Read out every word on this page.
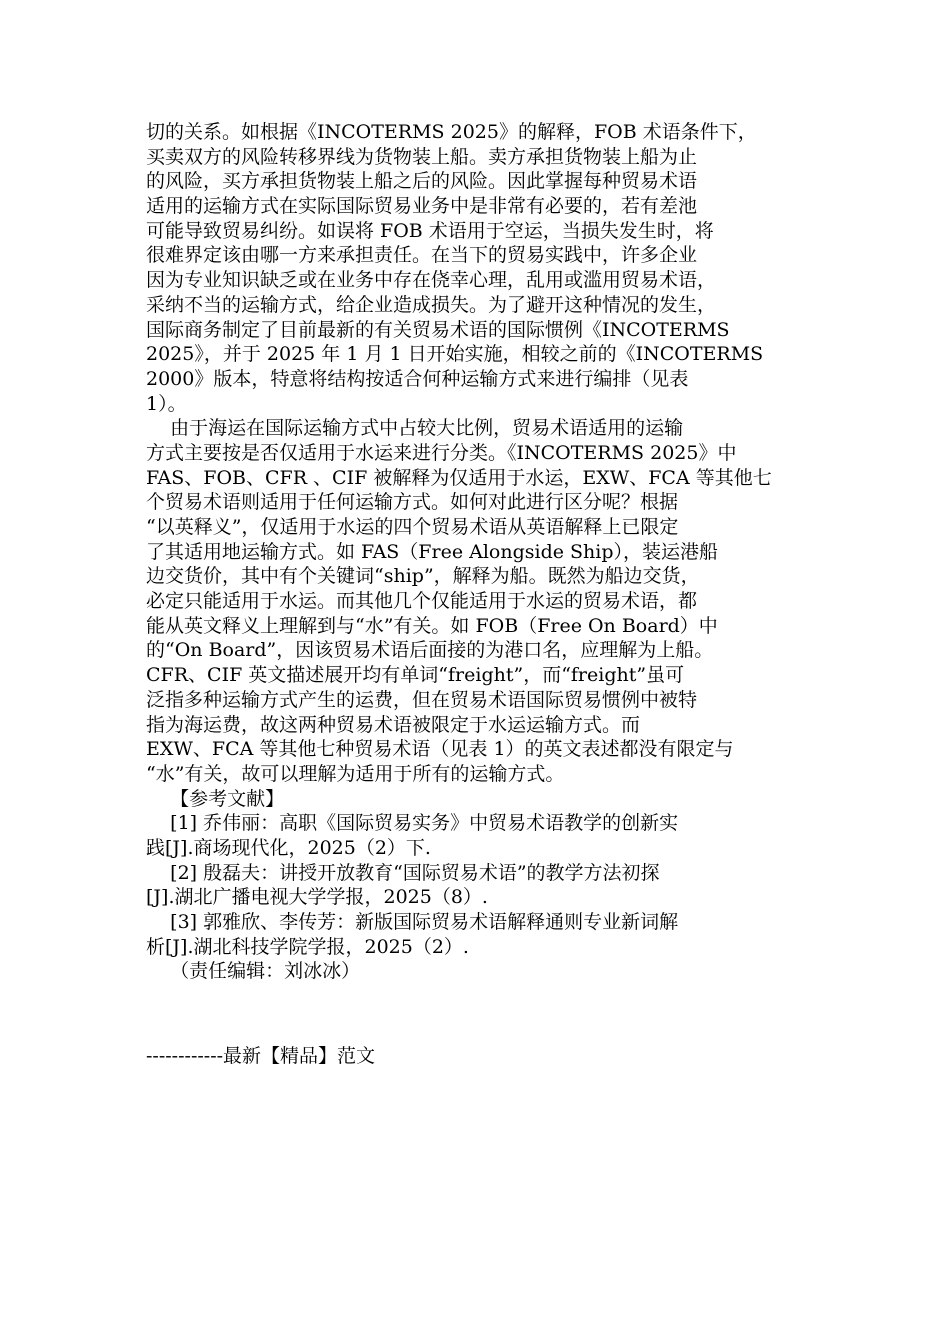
切的关系。如根据《INCOTERMS 2025》的解释，FOB 术语条件下，
买卖双方的风险转移界线为货物装上船。卖方承担货物装上船为止
的风险，买方承担货物装上船之后的风险。因此掌握每种贸易术语
适用的运输方式在实际国际贸易业务中是非常有必要的，若有差池
可能导致贸易纠纷。如误将 FOB 术语用于空运，当损失发生时，将
很难界定该由哪一方来承担责任。在当下的贸易实践中，许多企业
因为专业知识缺乏或在业务中存在侥幸心理，乱用或滥用贸易术语，
采纳不当的运输方式，给企业造成损失。为了避开这种情况的发生，
国际商务制定了目前最新的有关贸易术语的国际惯例《INCOTERMS
2025》，并于 2025 年 1 月 1 日开始实施，相较之前的《INCOTERMS
2000》版本，特意将结构按适合何种运输方式来进行编排（见表
1）。
由于海运在国际运输方式中占较大比例，贸易术语适用的运输
方式主要按是否仅适用于水运来进行分类。《INCOTERMS 2025》中
FAS、FOB、CFR 、CIF 被解释为仅适用于水运，EXW、FCA 等其他七
个贸易术语则适用于任何运输方式。如何对此进行区分呢？根据
“以英释义”，仅适用于水运的四个贸易术语从英语解释上已限定
了其适用地运输方式。如 FAS（Free Alongside Ship），装运港船
边交货价，其中有个关键词“ship”，解释为船。既然为船边交货，
必定只能适用于水运。而其他几个仅能适用于水运的贸易术语，都
能从英文释义上理解到与“水”有关。如 FOB（Free On Board）中
的“On Board”，因该贸易术语后面接的为港口名，应理解为上船。
CFR、CIF 英文描述展开均有单词“freight”，而“freight”虽可
泛指多种运输方式产生的运费，但在贸易术语国际贸易惯例中被特
指为海运费，故这两种贸易术语被限定于水运运输方式。而
EXW、FCA 等其他七种贸易术语（见表 1）的英文表述都没有限定与
“水”有关，故可以理解为适用于所有的运输方式。
【参考文献】
[1] 乔伟丽：高职《国际贸易实务》中贸易术语教学的创新实
践[J].商场现代化，2025（2）下.
[2] 殷磊夫：讲授开放教育“国际贸易术语”的教学方法初探
[J].湖北广播电视大学学报，2025（8）.
[3] 郭雅欣、李传芳：新版国际贸易术语解释通则专业新词解
析[J].湖北科技学院学报，2025（2）.
（责任编辑：刘冰冰）
------------最新【精品】范文
